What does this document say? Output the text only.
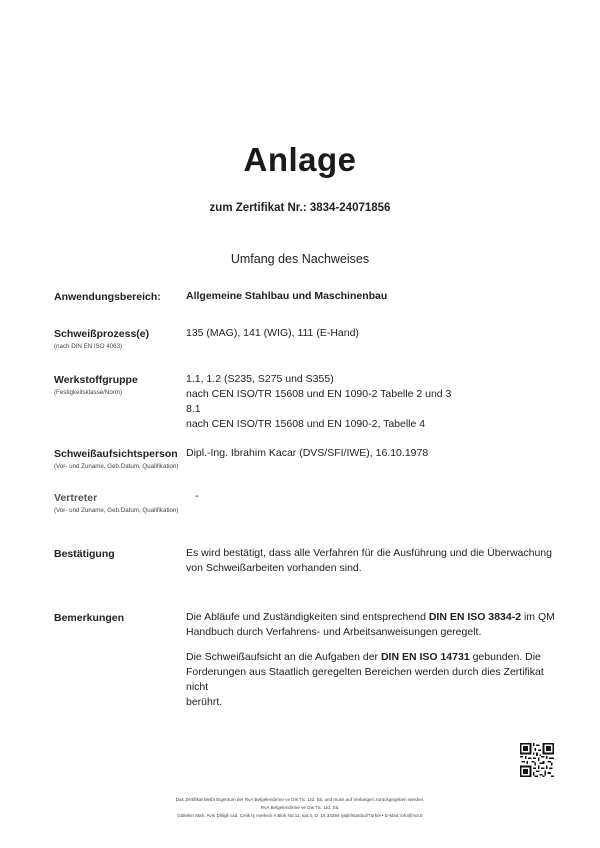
Anlage
zum Zertifikat Nr.: 3834-24071856
Umfang des Nachweises
Anwendungsbereich: Allgemeine Stahlbau und Maschinenbau
Schweißprozess(e)
(nach DIN EN ISO 4063)
135 (MAG), 141 (WIG), 111 (E-Hand)
Werkstoffgruppe
(Festigkeitsklasse/Norm)
1.1, 1.2 (S235, S275 und S355)
nach CEN ISO/TR 15608 und EN 1090-2 Tabelle 2 und 3
8.1
nach CEN ISO/TR 15608 und EN 1090-2, Tabelle 4
Schweißaufsichtsperson
(Vor- und Zuname, Geb.Datum, Qualifikation)
Dipl.-Ing. Ibrahim Kacar (DVS/SFI/IWE), 16.10.1978
Vertreter
(Vor- und Zuname, Geb.Datum, Qualifikation)
-
Bestätigung	Es wird bestätigt, dass alle Verfahren für die Ausführung und die Überwachung
von Schweißarbeiten vorhanden sind.
Bemerkungen	Die Abläufe und Zuständigkeiten sind entsprechend DIN EN ISO 3834-2 im QM
Handbuch durch Verfahrens- und Arbeitsanweisungen geregelt.
Die Schweißaufsicht an die Aufgaben der DIN EN ISO 14731 gebunden. Die
Forderungen aus Staatlich geregelten Bereichen werden durch dies Zertifikat nicht
berührt.
Das Zertifikat bleibt Eigentum der RvA Belgelendirme ve Dis Tic. Ltd. Sti. und muss auf Verlangen zurückgegeben werden.
RvA Belgelendirme ve Dis Tic. Ltd. Sti.
Gültekin Mah. Avni Dilligil cad. Çelik İş merkezi A Blok No:11, kat:4, D: 15 34394 Şişli/İstanbul/Türkei • E-Mail: info@rva.tr
